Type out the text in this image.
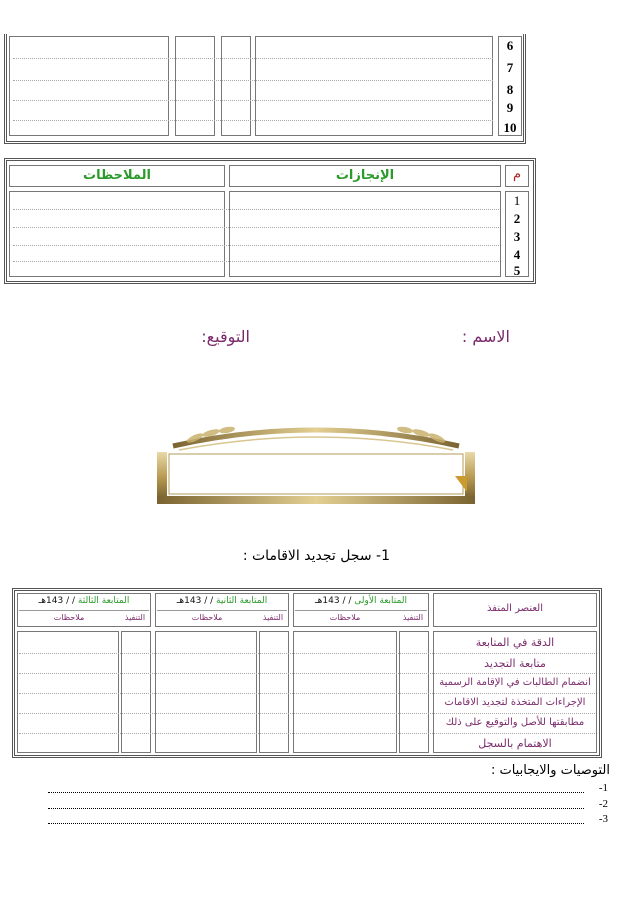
6
7
8
9
10
الملاحظات	الإنجازات	م
1
2
3
4
5
الاسم :
التوقيع:
1- سجل تجديد الاقامات :
العنصر المنفذ
المتابعة الأولى / / 143هـ
التنفيذ
ملاحظات
المتابعة الثانية / / 143هـ
التنفيذ
ملاحظات
المتابعة الثالثة / / 143هـ
التنفيذ
ملاحظات
الدقة في المتابعة
متابعة التجديد
انضمام الطالبات في الإقامة الرسمية
الإجراءات المتخذة لتجديد الاقامات
مطابقتها للأصل والتوقيع على ذلك
الاهتمام بالسجل
التوصيات والايجابيات :
-1
-2
-3
